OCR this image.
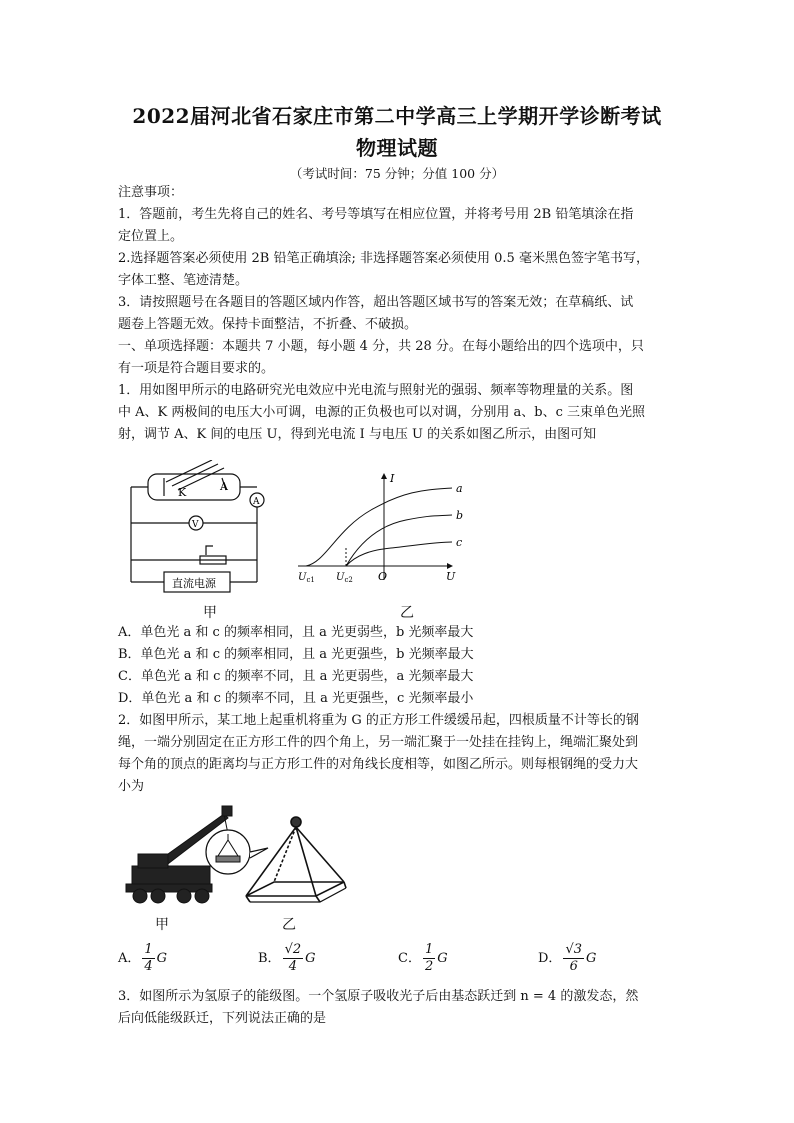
2022届河北省石家庄市第二中学高三上学期开学诊断考试
物理试题
（考试时间：75 分钟；分值 100 分）
注意事项：
1．答题前，考生先将自己的姓名、考号等填写在相应位置，并将考号用 2B 铅笔填涂在指
定位置上。
2.选择题答案必须使用 2B 铅笔正确填涂; 非选择题答案必须使用 0.5 毫米黑色签字笔书写，
字体工整、笔迹清楚。
3．请按照题号在各题目的答题区域内作答，超出答题区域书写的答案无效；在草稿纸、试
题卷上答题无效。保持卡面整洁，不折叠、不破损。
一、单项选择题：本题共 7 小题，每小题 4 分，共 28 分。在每小题给出的四个选项中，只
有一项是符合题目要求的。
1．用如图甲所示的电路研究光电效应中光电流与照射光的强弱、频率等物理量的关系。图
中 A、K 两极间的电压大小可调，电源的正负极也可以对调，分别用 a、b、c 三束单色光照
射，调节 A、K 间的电压 U，得到光电流 I 与电压 U 的关系如图乙所示，由图可知
K	A
A
V
直流电源
甲
I
U
O
$U_{c1}$ $U_{c2}$
a
b
c
乙
A．单色光 a 和 c 的频率相同，且 a 光更弱些，b 光频率最大
B．单色光 a 和 c 的频率相同，且 a 光更强些，b 光频率最大
C．单色光 a 和 c 的频率不同，且 a 光更弱些，a 光频率最大
D．单色光 a 和 c 的频率不同，且 a 光更强些，c 光频率最小
2．如图甲所示，某工地上起重机将重为 G 的正方形工件缓缓吊起，四根质量不计等长的钢
绳，一端分别固定在正方形工件的四个角上，另一端汇聚于一处挂在挂钩上，绳端汇聚处到
每个角的顶点的距离均与正方形工件的对角线长度相等，如图乙所示。则每根钢绳的受力大
小为
甲	乙
A． $\frac{1}{4}$ G	B． $\frac{√2}{4}$ G	C． $\frac{1}{2}$ G	D． $\frac{√3}{6}$ G
3．如图所示为氢原子的能级图。一个氢原子吸收光子后由基态跃迁到 n = 4 的激发态，然
后向低能级跃迁，下列说法正确的是
